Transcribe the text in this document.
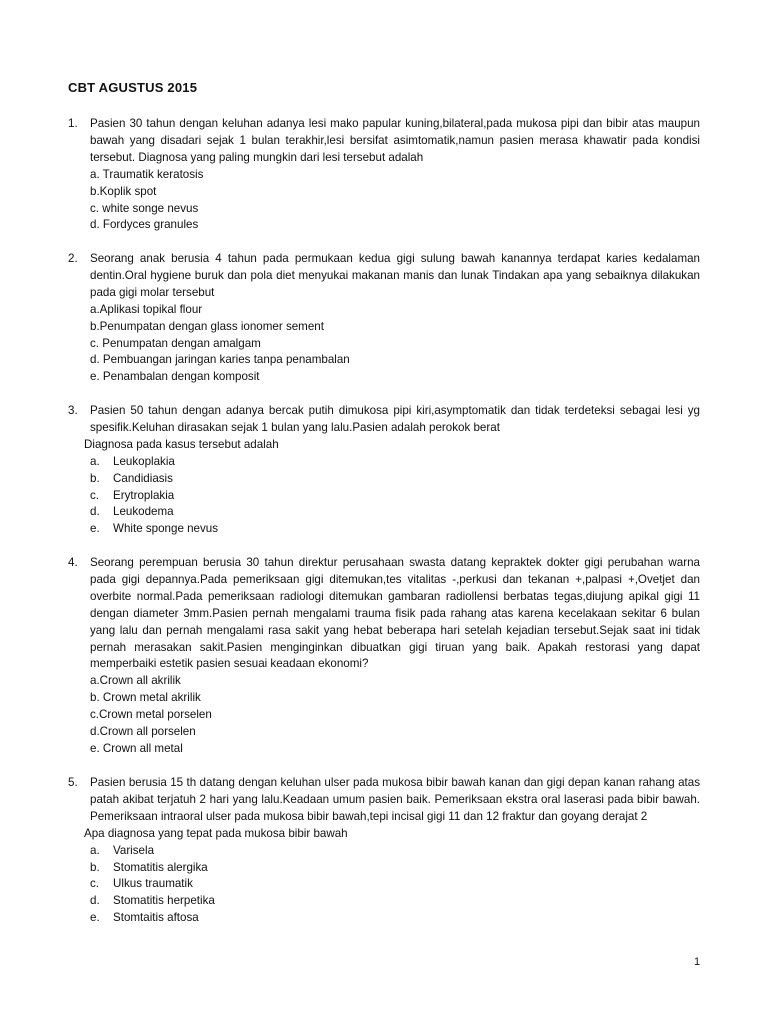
CBT AGUSTUS 2015
1. Pasien 30 tahun dengan keluhan adanya lesi mako papular kuning,bilateral,pada mukosa pipi dan bibir atas maupun bawah yang disadari sejak 1 bulan terakhir,lesi bersifat asimtomatik,namun pasien merasa khawatir pada kondisi tersebut. Diagnosa yang paling mungkin dari lesi tersebut adalah
a. Traumatik keratosis
b.Koplik spot
c. white songe nevus
d. Fordyces granules
2. Seorang anak berusia 4 tahun pada permukaan kedua gigi sulung bawah kanannya terdapat karies kedalaman dentin.Oral hygiene buruk dan pola diet menyukai makanan manis dan lunak Tindakan apa yang sebaiknya dilakukan pada gigi molar tersebut
a.Aplikasi topikal flour
b.Penumpatan dengan glass ionomer sement
c. Penumpatan dengan amalgam
d. Pembuangan jaringan karies tanpa penambalan
e. Penambalan dengan komposit
3. Pasien 50 tahun dengan adanya bercak putih dimukosa pipi kiri,asymptomatik dan tidak terdeteksi sebagai lesi yg spesifik.Keluhan dirasakan sejak 1 bulan yang lalu.Pasien adalah perokok berat
Diagnosa pada kasus tersebut adalah
a.	Leukoplakia
b.	Candidiasis
c.	Erytroplakia
d.	Leukodema
e.	White sponge nevus
4. Seorang perempuan berusia 30 tahun direktur perusahaan swasta datang kepraktek dokter gigi perubahan warna pada gigi depannya.Pada pemeriksaan gigi ditemukan,tes vitalitas -,perkusi dan tekanan +,palpasi +,Ovetjet dan overbite normal.Pada pemeriksaan radiologi ditemukan gambaran radiollensi berbatas tegas,diujung apikal gigi 11 dengan diameter 3mm.Pasien pernah mengalami trauma fisik pada rahang atas karena kecelakaan sekitar 6 bulan yang lalu dan pernah mengalami rasa sakit yang hebat beberapa hari setelah kejadian tersebut.Sejak saat ini tidak pernah merasakan sakit.Pasien menginginkan dibuatkan gigi tiruan yang baik. Apakah restorasi yang dapat memperbaiki estetik pasien sesuai keadaan ekonomi?
a.Crown all akrilik
b. Crown metal akrilik
c.Crown metal porselen
d.Crown all porselen
e. Crown all metal
5. Pasien berusia 15 th datang dengan keluhan ulser pada mukosa bibir bawah kanan dan gigi depan kanan rahang atas patah akibat terjatuh 2 hari yang lalu.Keadaan umum pasien baik. Pemeriksaan ekstra oral laserasi pada bibir bawah. Pemeriksaan intraoral ulser pada mukosa bibir bawah,tepi incisal gigi 11 dan 12 fraktur dan goyang derajat 2
Apa diagnosa yang tepat pada mukosa bibir bawah
a.	Varisela
b.	Stomatitis alergika
c.	Ulkus traumatik
d.	Stomatitis herpetika
e.	Stomtaitis aftosa
1
